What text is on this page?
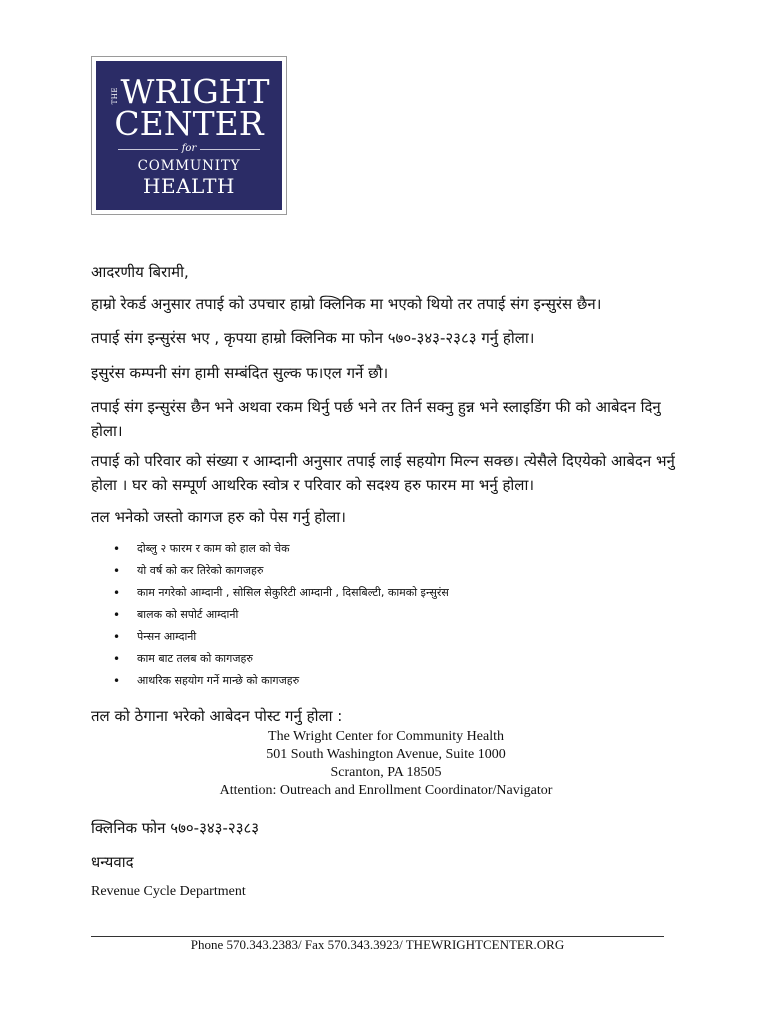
THE WRIGHT
CENTER
for
COMMUNITY
HEALTH
आदरणीय बिरामी,
हाम्रो रेकर्ड अनुसार तपाई को उपचार हाम्रो क्लिनिक मा भएको थियो तर तपाई संग इन्सुरंस छैन।
तपाई संग इन्सुरंस भए , कृपया हाम्रो क्लिनिक मा फोन ५७०-३४३-२३८३ गर्नु होला।
इसुरंस कम्पनी संग हामी सम्बंदित सुल्क फ।एल गर्ने छौ।
तपाई संग इन्सुरंस छैन भने अथवा रकम थिर्नु पर्छ भने तर तिर्न सक्नु हुन्न भने स्लाइडिंग फी को आबेदन दिनु होला।
तपाई को परिवार को संख्या र आम्दानी अनुसार तपाई लाई सहयोग मिल्न सक्छ। त्येसैले दिएयेको आबेदन भर्नु होला । घर को सम्पूर्ण आथरिक स्वोत्र र परिवार को सदश्य हरु फारम मा भर्नु होला।
तल भनेको जस्तो कागज हरु को पेस गर्नु होला।
• दोब्लु २ फारम र काम को हाल को चेक
• यो वर्ष को कर तिरेको कागजहरु
• काम नगरेको आम्दानी , सोसिल सेकुरिटी आम्दानी , दिसबिल्टी, कामको इन्सुरंस
• बालक को सपोर्ट आम्दानी
• पेन्सन आम्दानी
• काम बाट तलब को कागजहरु
• आथरिक सहयोग गर्ने मान्छे को कागजहरु
तल को ठेगाना भरेको आबेदन पोस्ट गर्नु होला :
The Wright Center for Community Health
501 South Washington Avenue, Suite 1000
Scranton, PA 18505
Attention: Outreach and Enrollment Coordinator/Navigator
क्लिनिक फोन ५७०-३४३-२३८३
धन्यवाद
Revenue Cycle Department
Phone 570.343.2383/ Fax 570.343.3923/ THEWRIGHTCENTER.ORG
